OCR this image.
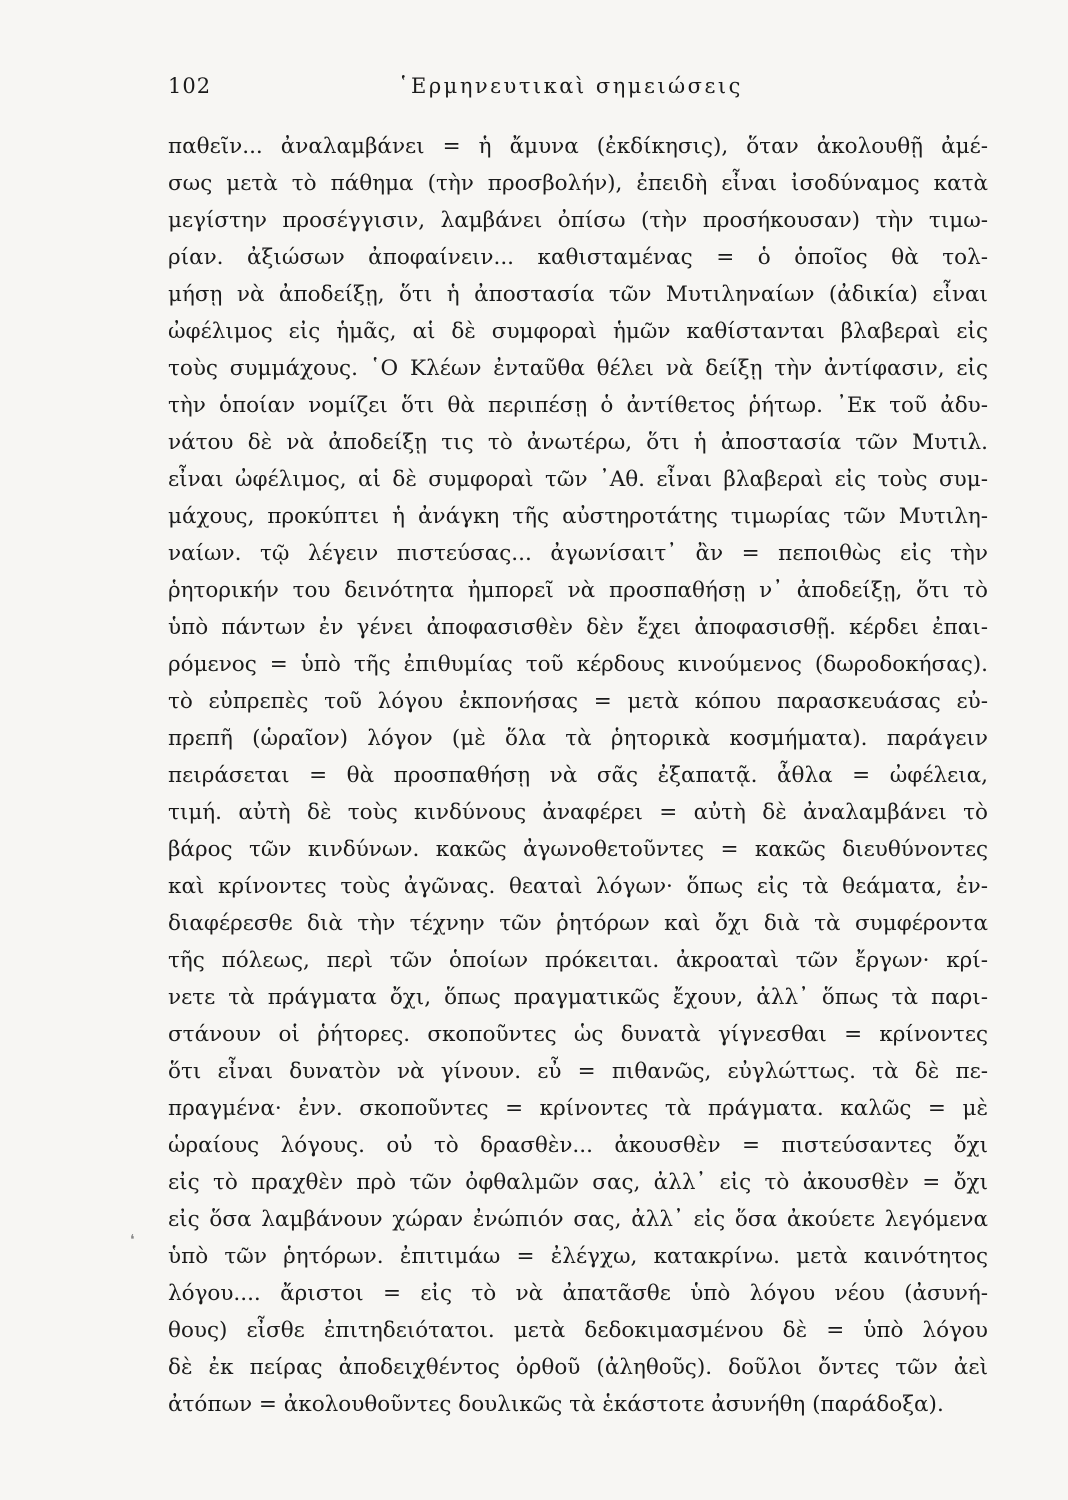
102	῾Ερμηνευτικαὶ σημειώσεις
❛
παθεῖν... ἀναλαμβάνει = ἡ ἄμυνα (ἐκδίκησις), ὅταν ἀκολουθῇ ἀμέ-
σως μετὰ τὸ πάθημα (τὴν προσβολήν), ἐπειδὴ εἶναι ἰσοδύναμος κατὰ
μεγίστην προσέγγισιν, λαμβάνει ὀπίσω (τὴν προσήκουσαν) τὴν τιμω-
ρίαν. ἀξιώσων ἀποφαίνειν... καθισταμένας = ὁ ὁποῖος θὰ τολ-
μήσῃ νὰ ἀποδείξῃ, ὅτι ἡ ἀποστασία τῶν Μυτιληναίων (ἀδικία) εἶναι
ὠφέλιμος εἰς ἡμᾶς, αἱ δὲ συμφοραὶ ἡμῶν καθίστανται βλαβεραὶ εἰς
τοὺς συμμάχους. ῾Ο Κλέων ἐνταῦθα θέλει νὰ δείξῃ τὴν ἀντίφασιν, εἰς
τὴν ὁποίαν νομίζει ὅτι θὰ περιπέσῃ ὁ ἀντίθετος ῥήτωρ. ᾿Εκ τοῦ ἀδυ-
νάτου δὲ νὰ ἀποδείξῃ τις τὸ ἀνωτέρω, ὅτι ἡ ἀποστασία τῶν Μυτιλ.
εἶναι ὠφέλιμος, αἱ δὲ συμφοραὶ τῶν ᾿Αθ. εἶναι βλαβεραὶ εἰς τοὺς συμ-
μάχους, προκύπτει ἡ ἀνάγκη τῆς αὐστηροτάτης τιμωρίας τῶν Μυτιλη-
ναίων. τῷ λέγειν πιστεύσας... ἀγωνίσαιτ᾿ ἂν = πεποιθὼς εἰς τὴν
ῥητορικήν του δεινότητα ἠμπορεῖ νὰ προσπαθήσῃ ν᾿ ἀποδείξῃ, ὅτι τὸ
ὑπὸ πάντων ἐν γένει ἀποφασισθὲν δὲν ἔχει ἀποφασισθῇ. κέρδει ἐπαι-
ρόμενος = ὑπὸ τῆς ἐπιθυμίας τοῦ κέρδους κινούμενος (δωροδοκήσας).
τὸ εὐπρεπὲς τοῦ λόγου ἐκπονήσας = μετὰ κόπου παρασκευάσας εὐ-
πρεπῆ (ὡραῖον) λόγον (μὲ ὅλα τὰ ῥητορικὰ κοσμήματα). παράγειν
πειράσεται = θὰ προσπαθήσῃ νὰ σᾶς ἐξαπατᾷ. ἆθλα = ὠφέλεια,
τιμή. αὐτὴ δὲ τοὺς κινδύνους ἀναφέρει = αὐτὴ δὲ ἀναλαμβάνει τὸ
βάρος τῶν κινδύνων. κακῶς ἀγωνοθετοῦντες = κακῶς διευθύνοντες
καὶ κρίνοντες τοὺς ἀγῶνας. θεαταὶ λόγων· ὅπως εἰς τὰ θεάματα, ἐν-
διαφέρεσθε διὰ τὴν τέχνην τῶν ῥητόρων καὶ ὄχι διὰ τὰ συμφέροντα
τῆς πόλεως, περὶ τῶν ὁποίων πρόκειται. ἀκροαταὶ τῶν ἔργων· κρί-
νετε τὰ πράγματα ὄχι, ὅπως πραγματικῶς ἔχουν, ἀλλ᾿ ὅπως τὰ παρι-
στάνουν οἱ ῥήτορες. σκοποῦντες ὡς δυνατὰ γίγνεσθαι = κρίνοντες
ὅτι εἶναι δυνατὸν νὰ γίνουν. εὖ = πιθανῶς, εὐγλώττως. τὰ δὲ πε-
πραγμένα· ἐνν. σκοποῦντες = κρίνοντες τὰ πράγματα. καλῶς = μὲ
ὡραίους λόγους. οὐ τὸ δρασθὲν... ἀκουσθὲν = πιστεύσαντες ὄχι
εἰς τὸ πραχθὲν πρὸ τῶν ὀφθαλμῶν σας, ἀλλ᾿ εἰς τὸ ἀκουσθὲν = ὄχι
εἰς ὅσα λαμβάνουν χώραν ἐνώπιόν σας, ἀλλ᾿ εἰς ὅσα ἀκούετε λεγόμενα
ὑπὸ τῶν ῥητόρων. ἐπιτιμάω = ἐλέγχω, κατακρίνω. μετὰ καινότητος
λόγου.... ἄριστοι = εἰς τὸ νὰ ἀπατᾶσθε ὑπὸ λόγου νέου (ἀσυνή-
θους) εἶσθε ἐπιτηδειότατοι. μετὰ δεδοκιμασμένου δὲ = ὑπὸ λόγου
δὲ ἐκ πείρας ἀποδειχθέντος ὀρθοῦ (ἀληθοῦς). δοῦλοι ὄντες τῶν ἀεὶ
ἀτόπων = ἀκολουθοῦντες δουλικῶς τὰ ἑκάστοτε ἀσυνήθη (παράδοξα).
